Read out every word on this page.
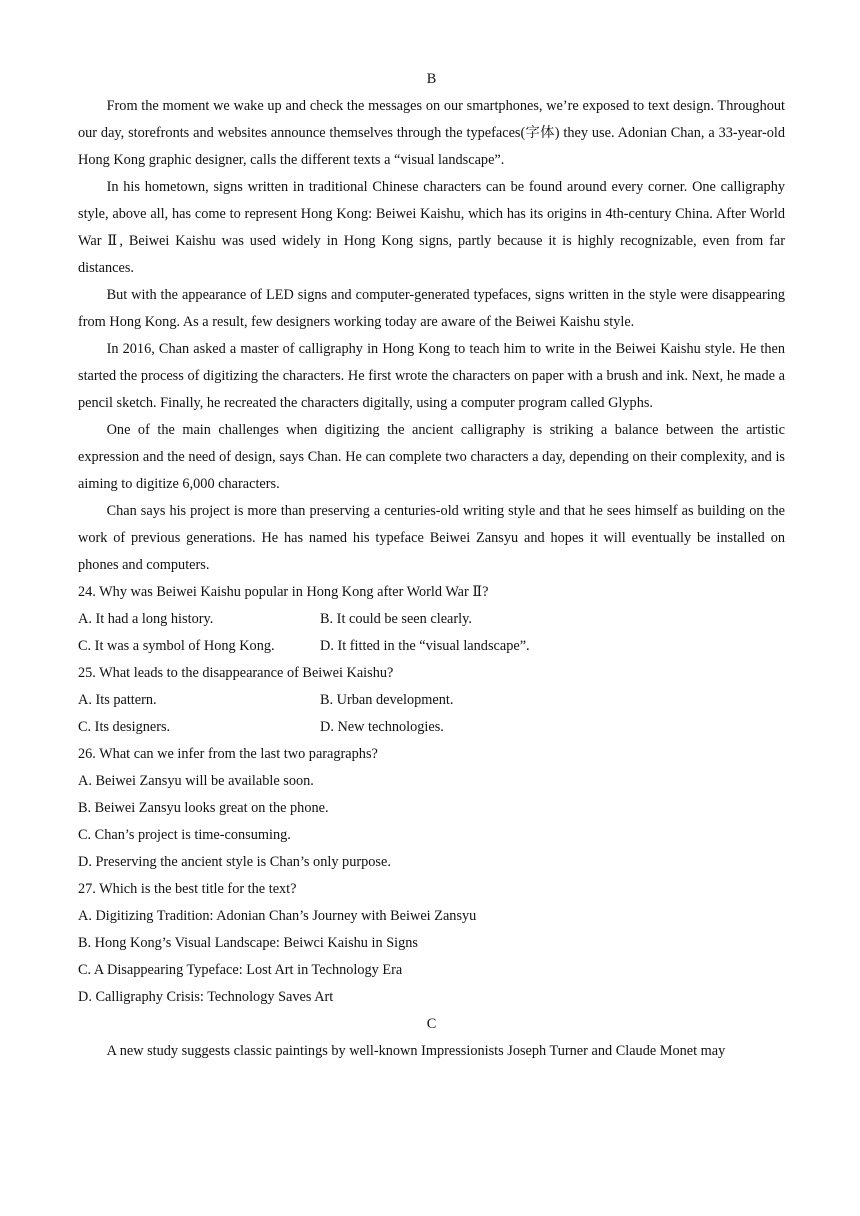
B

From the moment we wake up and check the messages on our smartphones, we’re exposed to text design. Throughout our day, storefronts and websites announce themselves through the typefaces(字体) they use. Adonian Chan, a 33-year-old Hong Kong graphic designer, calls the different texts a “visual landscape”.

In his hometown, signs written in traditional Chinese characters can be found around every corner. One calligraphy style, above all, has come to represent Hong Kong: Beiwei Kaishu, which has its origins in 4th-century China. After World War Ⅱ, Beiwei Kaishu was used widely in Hong Kong signs, partly because it is highly recognizable, even from far distances.

But with the appearance of LED signs and computer-generated typefaces, signs written in the style were disappearing from Hong Kong. As a result, few designers working today are aware of the Beiwei Kaishu style.

In 2016, Chan asked a master of calligraphy in Hong Kong to teach him to write in the Beiwei Kaishu style. He then started the process of digitizing the characters. He first wrote the characters on paper with a brush and ink. Next, he made a pencil sketch. Finally, he recreated the characters digitally, using a computer program called Glyphs.

One of the main challenges when digitizing the ancient calligraphy is striking a balance between the artistic expression and the need of design, says Chan. He can complete two characters a day, depending on their complexity, and is aiming to digitize 6,000 characters.

Chan says his project is more than preserving a centuries-old writing style and that he sees himself as building on the work of previous generations. He has named his typeface Beiwei Zansyu and hopes it will eventually be installed on phones and computers.

24. Why was Beiwei Kaishu popular in Hong Kong after World War Ⅱ?

A. It had a long history.	B. It could be seen clearly.
C. It was a symbol of Hong Kong.	D. It fitted in the “visual landscape”.

25. What leads to the disappearance of Beiwei Kaishu?

A. Its pattern.	B. Urban development.
C. Its designers.	D. New technologies.

26. What can we infer from the last two paragraphs?

A. Beiwei Zansyu will be available soon.

B. Beiwei Zansyu looks great on the phone.

C. Chan’s project is time-consuming.

D. Preserving the ancient style is Chan’s only purpose.

27. Which is the best title for the text?

A. Digitizing Tradition: Adonian Chan’s Journey with Beiwei Zansyu

B. Hong Kong’s Visual Landscape: Beiwci Kaishu in Signs

C. A Disappearing Typeface: Lost Art in Technology Era

D. Calligraphy Crisis: Technology Saves Art

C

A new study suggests classic paintings by well-known Impressionists Joseph Turner and Claude Monet may
